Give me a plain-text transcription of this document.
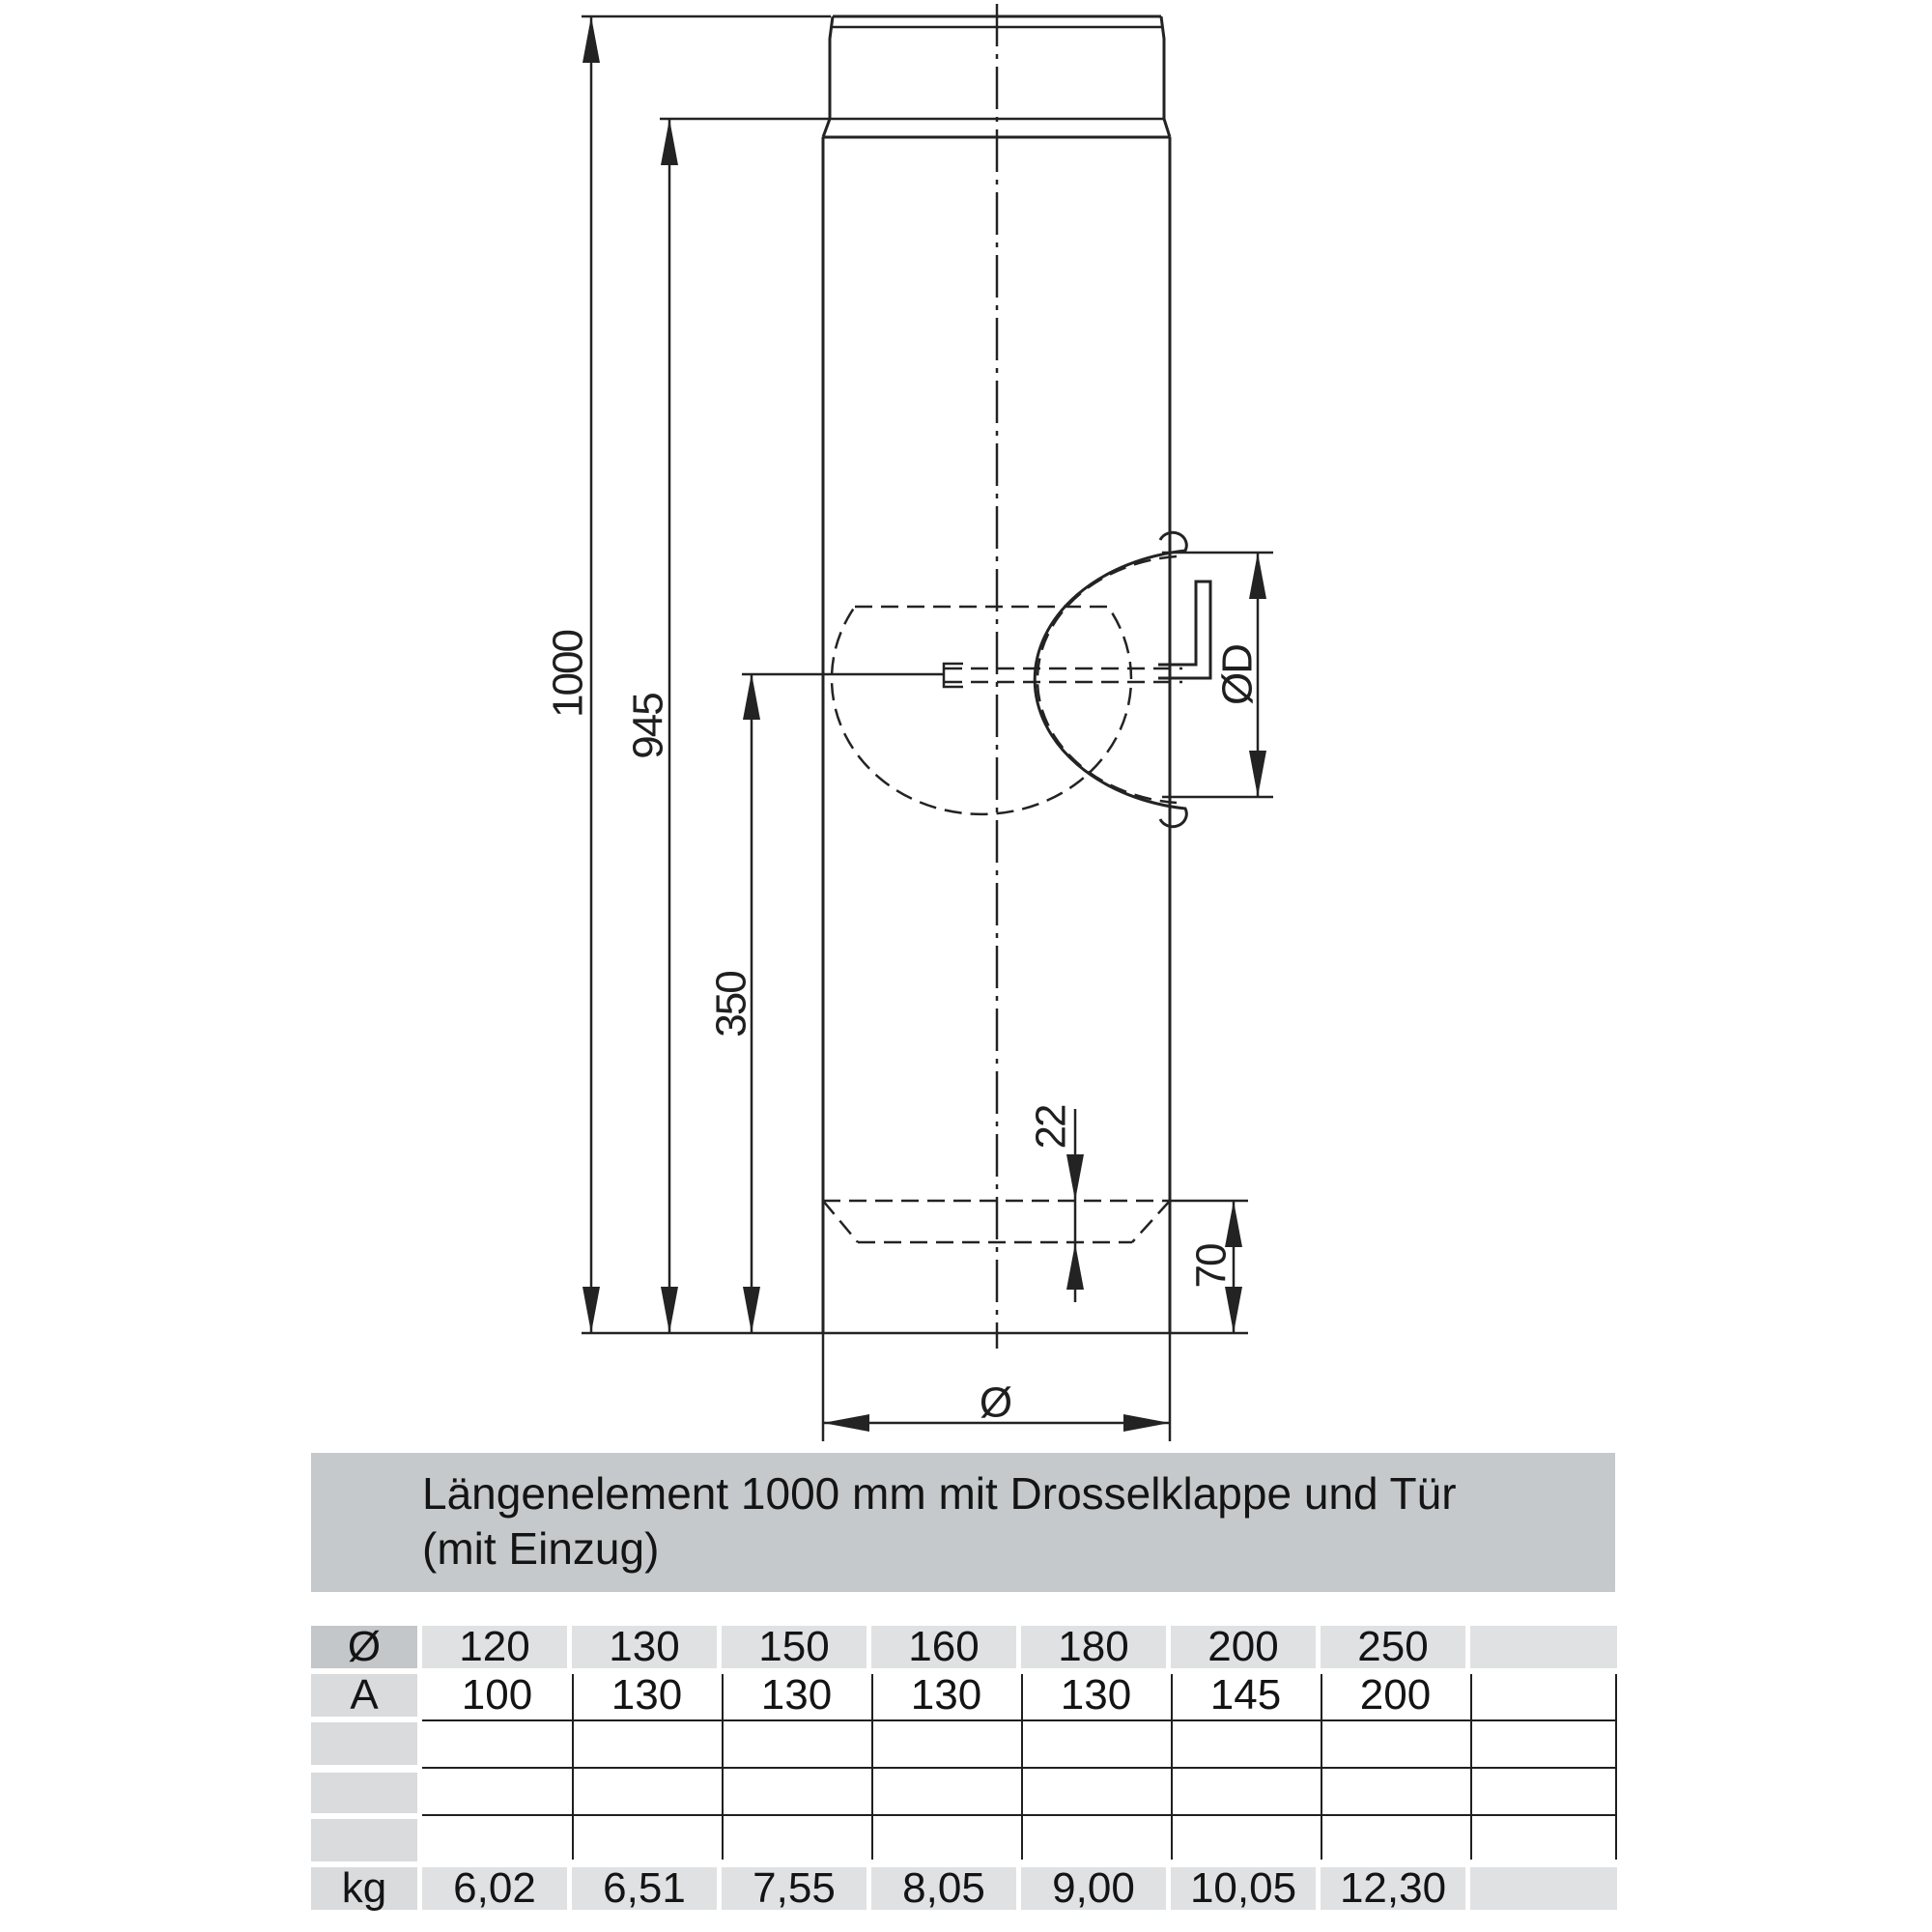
1000
945
350
ØD
22
70
Ø
Längenelement 1000 mm mit Drosselklappe und Tür
(mit Einzug)
Ø	120	130	150	160	180	200	250
A	100	130	130	130	130	145	200
kg	6,02	6,51	7,55	8,05	9,00	10,05	12,30
